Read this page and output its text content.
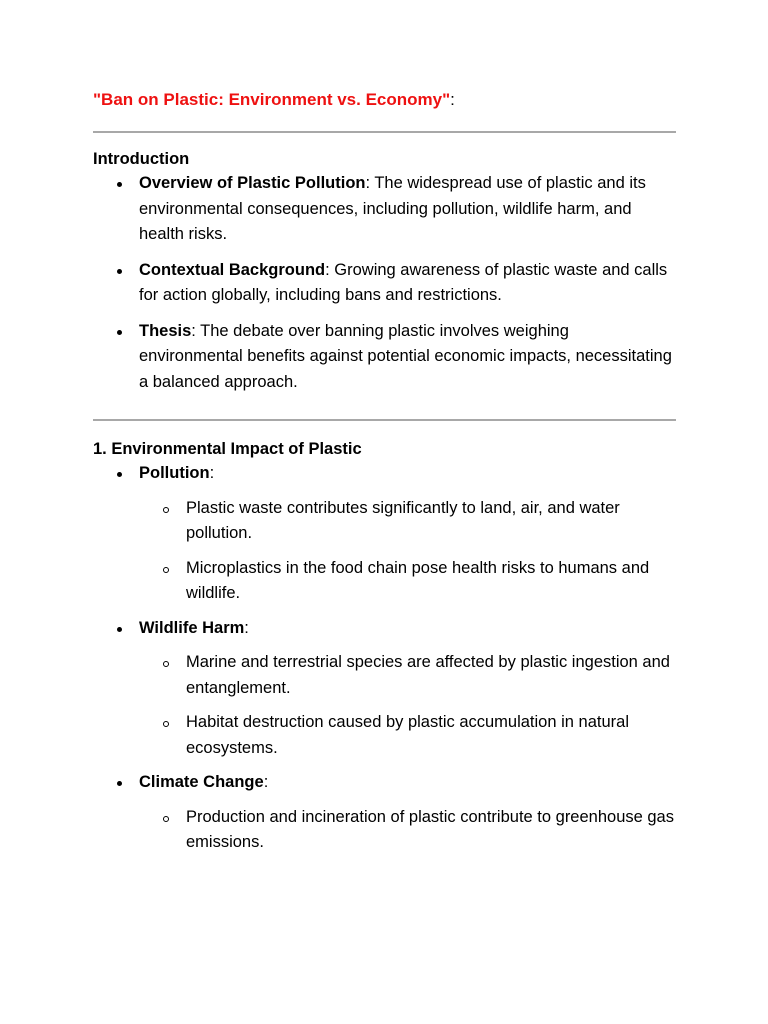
"Ban on Plastic: Environment vs. Economy":
Introduction
Overview of Plastic Pollution: The widespread use of plastic and its environmental consequences, including pollution, wildlife harm, and health risks.
Contextual Background: Growing awareness of plastic waste and calls for action globally, including bans and restrictions.
Thesis: The debate over banning plastic involves weighing environmental benefits against potential economic impacts, necessitating a balanced approach.
1. Environmental Impact of Plastic
Pollution:
Plastic waste contributes significantly to land, air, and water pollution.
Microplastics in the food chain pose health risks to humans and wildlife.
Wildlife Harm:
Marine and terrestrial species are affected by plastic ingestion and entanglement.
Habitat destruction caused by plastic accumulation in natural ecosystems.
Climate Change:
Production and incineration of plastic contribute to greenhouse gas emissions.
